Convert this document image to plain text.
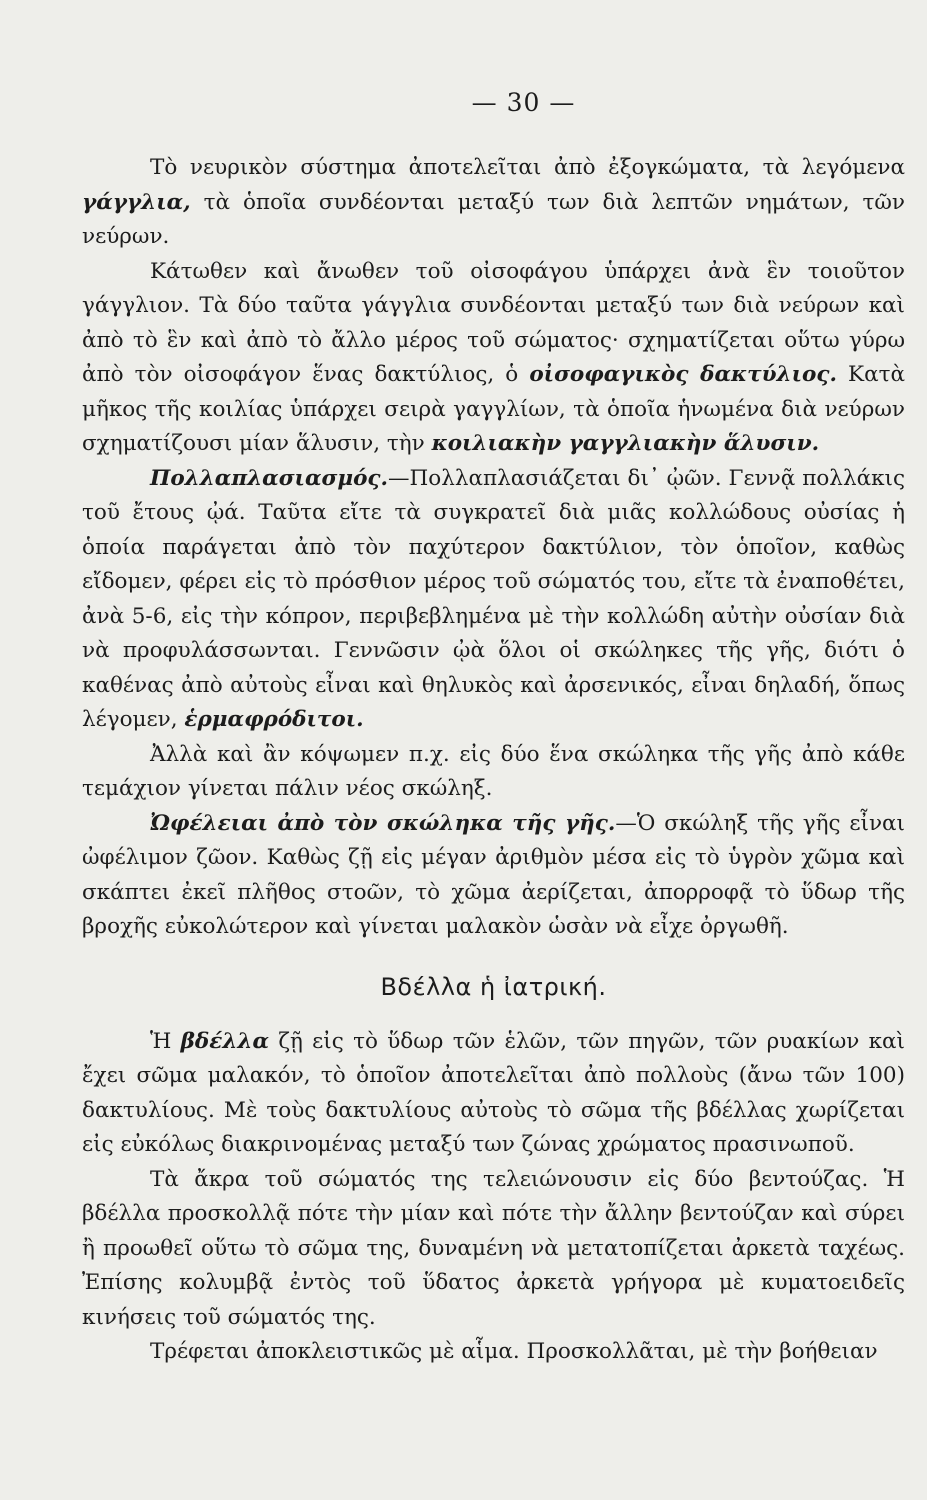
— 30 —

Τὸ νευρικὸν σύστημα ἀποτελεῖται ἀπὸ ἐξογκώματα, τὰ λεγόμενα γάγγλια, τὰ ὁποῖα συνδέονται μεταξύ των διὰ λεπτῶν νημάτων, τῶν νεύρων.

Κάτωθεν καὶ ἄνωθεν τοῦ οἰσοφάγου ὑπάρχει ἀνὰ ἓν τοιοῦτον γάγγλιον. Τὰ δύο ταῦτα γάγγλια συνδέονται μεταξύ των διὰ νεύρων καὶ ἀπὸ τὸ ἓν καὶ ἀπὸ τὸ ἄλλο μέρος τοῦ σώματος· σχηματίζεται οὕτω γύρω ἀπὸ τὸν οἰσοφάγον ἕνας δακτύλιος, ὁ οἰσοφαγικὸς δακτύλιος. Κατὰ μῆκος τῆς κοιλίας ὑπάρχει σειρὰ γαγγλίων, τὰ ὁποῖα ἡνωμένα διὰ νεύρων σχηματίζουσι μίαν ἅλυσιν, τὴν κοιλιακὴν γαγγλιακὴν ἅλυσιν.

Πολλαπλασιασμός.—Πολλαπλασιάζεται δι᾽ ᾠῶν. Γεννᾷ πολλάκις τοῦ ἔτους ᾠά. Ταῦτα εἴτε τὰ συγκρατεῖ διὰ μιᾶς κολλώδους οὐσίας ἡ ὁποία παράγεται ἀπὸ τὸν παχύτερον δακτύλιον, τὸν ὁποῖον, καθὼς εἴδομεν, φέρει εἰς τὸ πρόσθιον μέρος τοῦ σώματός του, εἴτε τὰ ἐναποθέτει, ἀνὰ 5-6, εἰς τὴν κόπρον, περιβεβλημένα μὲ τὴν κολλώδη αὐτὴν οὐσίαν διὰ νὰ προφυλάσσωνται. Γεννῶσιν ᾠὰ ὅλοι οἱ σκώληκες τῆς γῆς, διότι ὁ καθένας ἀπὸ αὐτοὺς εἶναι καὶ θηλυκὸς καὶ ἀρσενικός, εἶναι δηλαδή, ὅπως λέγομεν, ἑρμαφρόδιτοι.

Ἀλλὰ καὶ ἂν κόψωμεν π.χ. εἰς δύο ἕνα σκώληκα τῆς γῆς ἀπὸ κάθε τεμάχιον γίνεται πάλιν νέος σκώληξ.

Ὠφέλειαι ἀπὸ τὸν σκώληκα τῆς γῆς.—Ὁ σκώληξ τῆς γῆς εἶναι ὠφέλιμον ζῶον. Καθὼς ζῇ εἰς μέγαν ἀριθμὸν μέσα εἰς τὸ ὑγρὸν χῶμα καὶ σκάπτει ἐκεῖ πλῆθος στοῶν, τὸ χῶμα ἀερίζεται, ἀπορροφᾷ τὸ ὕδωρ τῆς βροχῆς εὐκολώτερον καὶ γίνεται μαλακὸν ὡσὰν νὰ εἶχε ὀργωθῆ.

Βδέλλα ἡ ἰατρική.

Ἡ βδέλλα ζῇ εἰς τὸ ὕδωρ τῶν ἑλῶν, τῶν πηγῶν, τῶν ρυακίων καὶ ἔχει σῶμα μαλακόν, τὸ ὁποῖον ἀποτελεῖται ἀπὸ πολλοὺς (ἄνω τῶν 100) δακτυλίους. Μὲ τοὺς δακτυλίους αὐτοὺς τὸ σῶμα τῆς βδέλλας χωρίζεται εἰς εὐκόλως διακρινομένας μεταξύ των ζώνας χρώματος πρασινωποῦ.

Τὰ ἄκρα τοῦ σώματός της τελειώνουσιν εἰς δύο βεντούζας. Ἡ βδέλλα προσκολλᾷ πότε τὴν μίαν καὶ πότε τὴν ἄλλην βεντούζαν καὶ σύρει ἢ προωθεῖ οὕτω τὸ σῶμα της, δυναμένη νὰ μετατοπίζεται ἀρκετὰ ταχέως. Ἐπίσης κολυμβᾷ ἐντὸς τοῦ ὕδατος ἀρκετὰ γρήγορα μὲ κυματοειδεῖς κινήσεις τοῦ σώματός της.

Τρέφεται ἀποκλειστικῶς μὲ αἷμα. Προσκολλᾶται, μὲ τὴν βοήθειαν
